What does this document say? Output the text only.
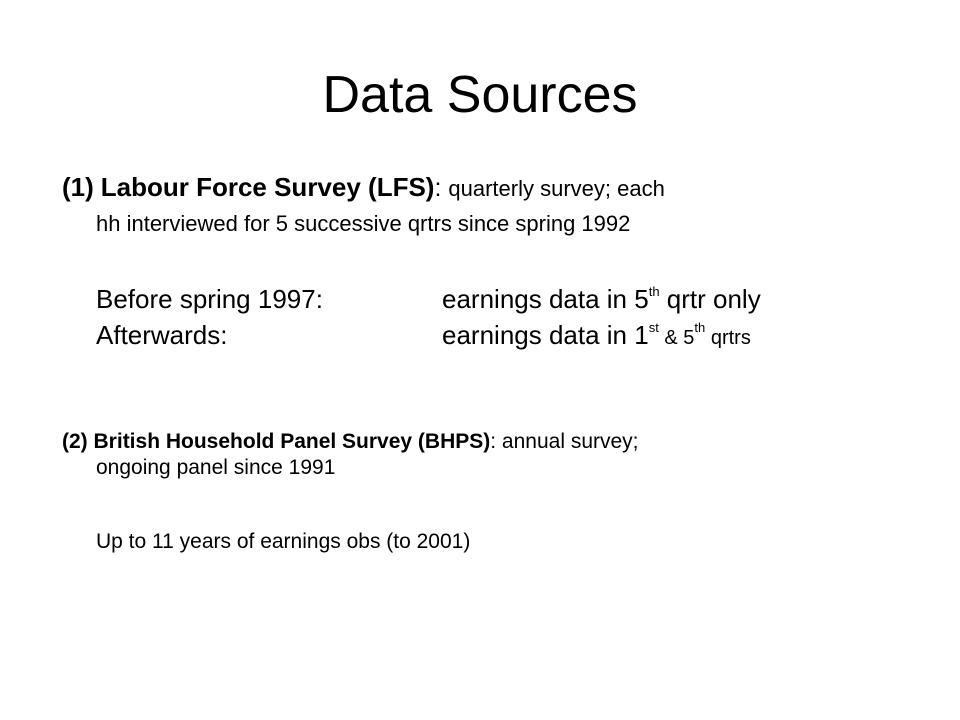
Data Sources
(1) Labour Force Survey (LFS): quarterly survey; each
hh interviewed for 5 successive qrtrs since spring 1992
Before spring 1997:	earnings data in 5th qrtr only
Afterwards:	earnings data in 1st & 5th qrtrs
(2) British Household Panel Survey (BHPS): annual survey;
ongoing panel since 1991
Up to 11 years of earnings obs (to 2001)
